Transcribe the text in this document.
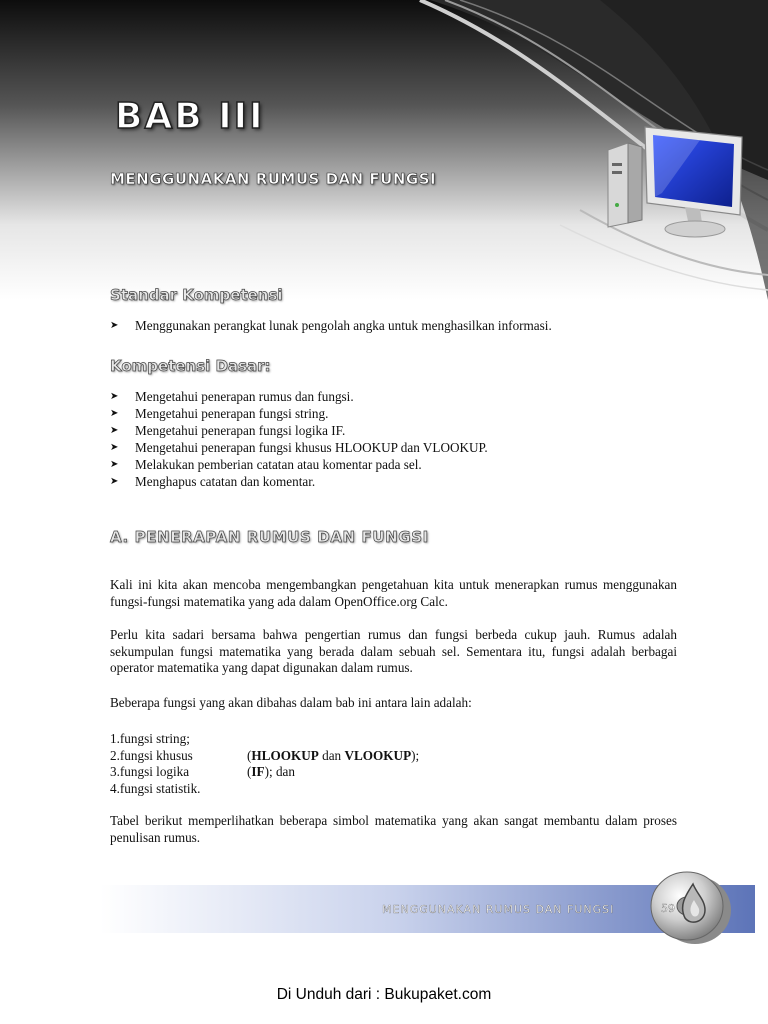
BAB III
MENGGUNAKAN RUMUS DAN FUNGSI
Standar Kompetensi
➤ Menggunakan perangkat lunak pengolah angka untuk menghasilkan informasi.
Kompetensi Dasar:
➤ Mengetahui penerapan rumus dan fungsi.
➤ Mengetahui penerapan fungsi string.
➤ Mengetahui penerapan fungsi logika IF.
➤ Mengetahui penerapan fungsi khusus HLOOKUP dan VLOOKUP.
➤ Melakukan pemberian catatan atau komentar pada sel.
➤ Menghapus catatan dan komentar.
A. PENERAPAN RUMUS DAN FUNGSI

Kali ini kita akan mencoba mengembangkan pengetahuan kita untuk menerapkan rumus menggunakan fungsi-fungsi matematika yang ada dalam OpenOffice.org Calc.

Perlu kita sadari bersama bahwa pengertian rumus dan fungsi berbeda cukup jauh. Rumus adalah sekumpulan fungsi matematika yang berada dalam sebuah sel. Sementara itu, fungsi adalah berbagai operator matematika yang dapat digunakan dalam rumus.

Beberapa fungsi yang akan dibahas dalam bab ini antara lain adalah:

1.fungsi string;
2.fungsi khusus	(HLOOKUP dan VLOOKUP);
3.fungsi logika	(IF); dan
4.fungsi statistik.

Tabel berikut memperlihatkan beberapa simbol matematika yang akan sangat membantu dalam proses penulisan rumus.

MENGGUNAKAN RUMUS DAN FUNGSI	59
Di Unduh dari : Bukupaket.com
